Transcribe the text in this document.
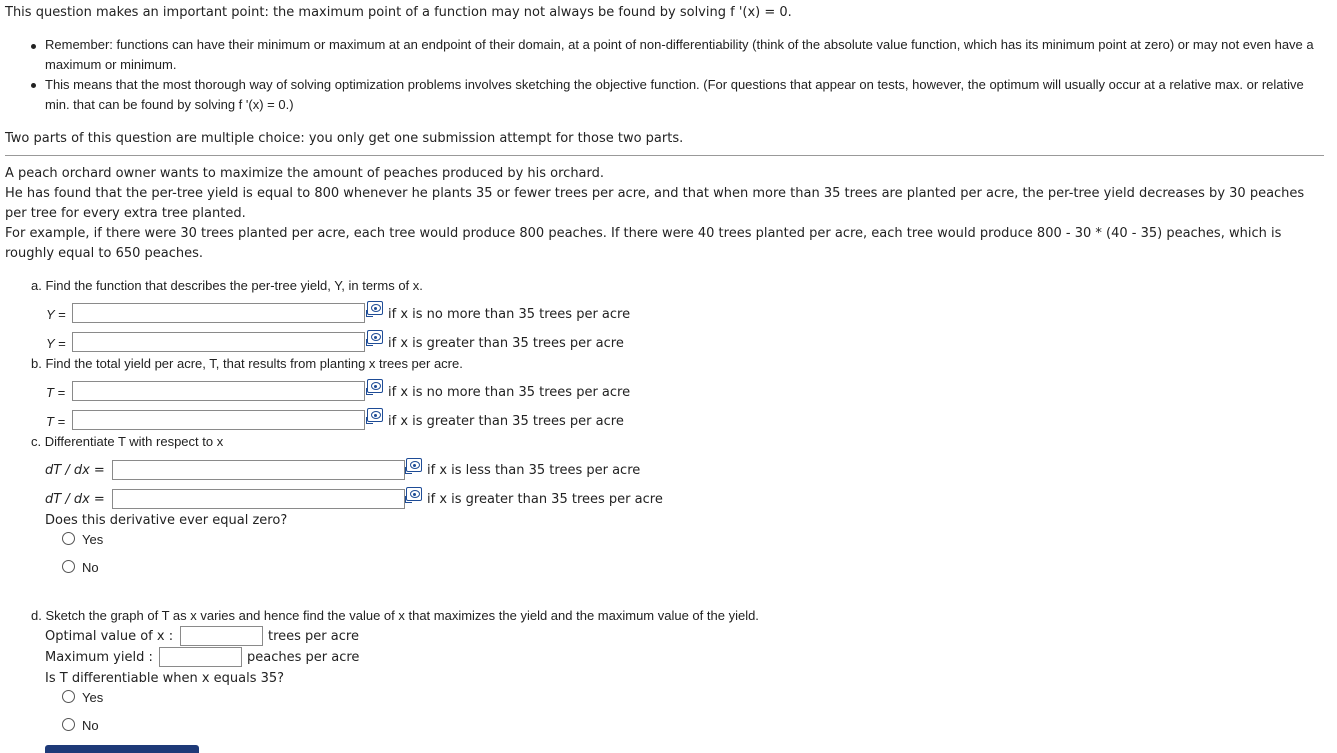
This question makes an important point: the maximum point of a function may not always be found by solving f '(x) = 0.
Remember: functions can have their minimum or maximum at an endpoint of their domain, at a point of non-differentiability (think of the absolute value function, which has its minimum point at zero) or may not even have a
maximum or minimum.
This means that the most thorough way of solving optimization problems involves sketching the objective function. (For questions that appear on tests, however, the optimum will usually occur at a relative max. or relative
min. that can be found by solving f '(x) = 0.)
Two parts of this question are multiple choice: you only get one submission attempt for those two parts.
A peach orchard owner wants to maximize the amount of peaches produced by his orchard.
He has found that the per-tree yield is equal to 800 whenever he plants 35 or fewer trees per acre, and that when more than 35 trees are planted per acre, the per-tree yield decreases by 30 peaches
per tree for every extra tree planted.
For example, if there were 30 trees planted per acre, each tree would produce 800 peaches. If there were 40 trees planted per acre, each tree would produce 800 - 30 * (40 - 35) peaches, which is
roughly equal to 650 peaches.
a. Find the function that describes the per-tree yield, Y, in terms of x.
Y =	if x is no more than 35 trees per acre
Y =	if x is greater than 35 trees per acre
b. Find the total yield per acre, T, that results from planting x trees per acre.
T =	if x is no more than 35 trees per acre
T =	if x is greater than 35 trees per acre
c. Differentiate T with respect to x
dT / dx =	if x is less than 35 trees per acre
dT / dx =	if x is greater than 35 trees per acre
Does this derivative ever equal zero?
Yes
No
d. Sketch the graph of T as x varies and hence find the value of x that maximizes the yield and the maximum value of the yield.
Optimal value of x :	trees per acre
Maximum yield :	peaches per acre
Is T differentiable when x equals 35?
Yes
No
